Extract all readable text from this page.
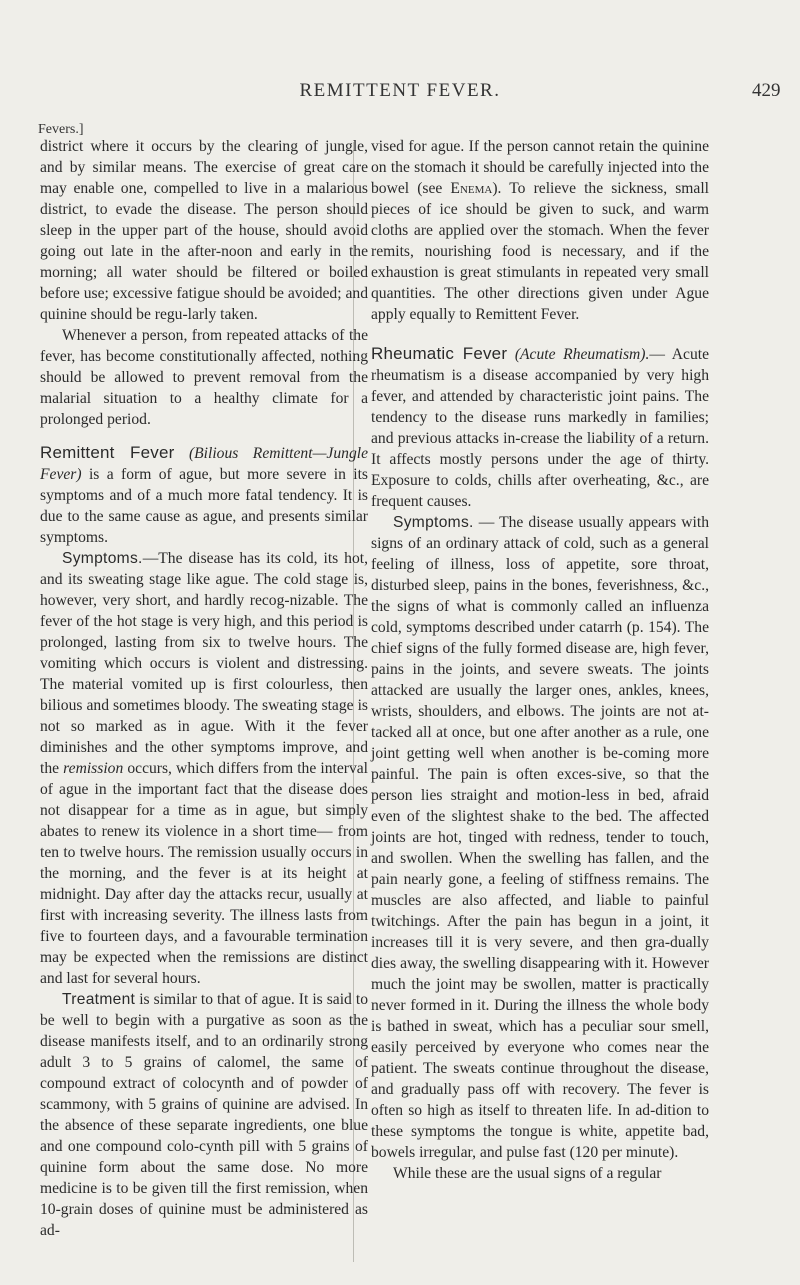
Fevers.]
REMITTENT FEVER.	429

district where it occurs by the clearing of jungle, and by similar means. The exercise of great care may enable one, compelled to live in a malarious district, to evade the disease. The person should sleep in the upper part of the house, should avoid going out late in the after-noon and early in the morning; all water should be filtered or boiled before use; excessive fatigue should be avoided; and quinine should be regu-larly taken.

Whenever a person, from repeated attacks of the fever, has become constitutionally affected, nothing should be allowed to prevent removal from the malarial situation to a healthy climate for a prolonged period.

Remittent Fever (Bilious Remittent—Jungle Fever) is a form of ague, but more severe in its symptoms and of a much more fatal tendency. It is due to the same cause as ague, and presents similar symptoms.

Symptoms.—The disease has its cold, its hot, and its sweating stage like ague. The cold stage is, however, very short, and hardly recog-nizable. The fever of the hot stage is very high, and this period is prolonged, lasting from six to twelve hours. The vomiting which occurs is violent and distressing. The material vomited up is first colourless, then bilious and sometimes bloody. The sweating stage is not so marked as in ague. With it the fever diminishes and the other symptoms improve, and the remission occurs, which differs from the interval of ague in the important fact that the disease does not disappear for a time as in ague, but simply abates to renew its violence in a short time— from ten to twelve hours. The remission usually occurs in the morning, and the fever is at its height at midnight. Day after day the attacks recur, usually at first with increasing severity. The illness lasts from five to fourteen days, and a favourable termination may be expected when the remissions are distinct and last for several hours.

Treatment is similar to that of ague. It is said to be well to begin with a purgative as soon as the disease manifests itself, and to an ordinarily strong adult 3 to 5 grains of calomel, the same of compound extract of colocynth and of powder of scammony, with 5 grains of quinine are advised. In the absence of these separate ingredients, one blue and one compound colo-cynth pill with 5 grains of quinine form about the same dose. No more medicine is to be given till the first remission, when 10-grain doses of quinine must be administered as ad-

vised for ague. If the person cannot retain the quinine on the stomach it should be carefully injected into the bowel (see Enema). To relieve the sickness, small pieces of ice should be given to suck, and warm cloths are applied over the stomach. When the fever remits, nourishing food is necessary, and if the exhaustion is great stimulants in repeated very small quantities. The other directions given under Ague apply equally to Remittent Fever.

Rheumatic Fever (Acute Rheumatism).— Acute rheumatism is a disease accompanied by very high fever, and attended by characteristic joint pains. The tendency to the disease runs markedly in families; and previous attacks in-crease the liability of a return. It affects mostly persons under the age of thirty. Exposure to colds, chills after overheating, &c., are frequent causes.

Symptoms. — The disease usually appears with signs of an ordinary attack of cold, such as a general feeling of illness, loss of appetite, sore throat, disturbed sleep, pains in the bones, feverishness, &c., the signs of what is commonly called an influenza cold, symptoms described under catarrh (p. 154). The chief signs of the fully formed disease are, high fever, pains in the joints, and severe sweats. The joints attacked are usually the larger ones, ankles, knees, wrists, shoulders, and elbows. The joints are not at-tacked all at once, but one after another as a rule, one joint getting well when another is be-coming more painful. The pain is often exces-sive, so that the person lies straight and motion-less in bed, afraid even of the slightest shake to the bed. The affected joints are hot, tinged with redness, tender to touch, and swollen. When the swelling has fallen, and the pain nearly gone, a feeling of stiffness remains. The muscles are also affected, and liable to painful twitchings. After the pain has begun in a joint, it increases till it is very severe, and then gra-dually dies away, the swelling disappearing with it. However much the joint may be swollen, matter is practically never formed in it. During the illness the whole body is bathed in sweat, which has a peculiar sour smell, easily perceived by everyone who comes near the patient. The sweats continue throughout the disease, and gradually pass off with recovery. The fever is often so high as itself to threaten life. In ad-dition to these symptoms the tongue is white, appetite bad, bowels irregular, and pulse fast (120 per minute).

While these are the usual signs of a regular
